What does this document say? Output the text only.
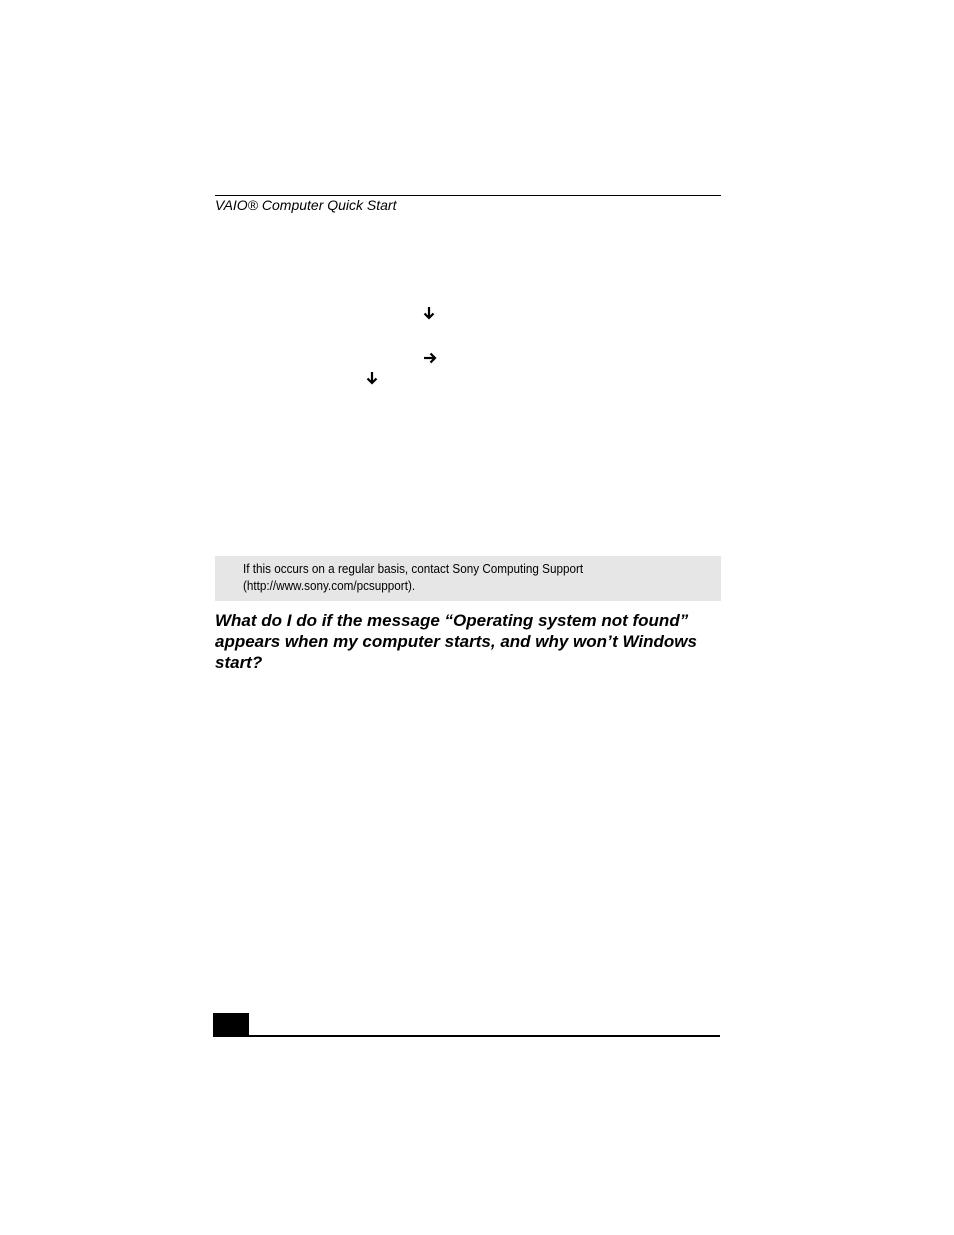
VAIO® Computer Quick Start
If this occurs on a regular basis, contact Sony Computing Support
(http://www.sony.com/pcsupport).
What do I do if the message “Operating system not found”
appears when my computer starts, and why won’t Windows
start?
